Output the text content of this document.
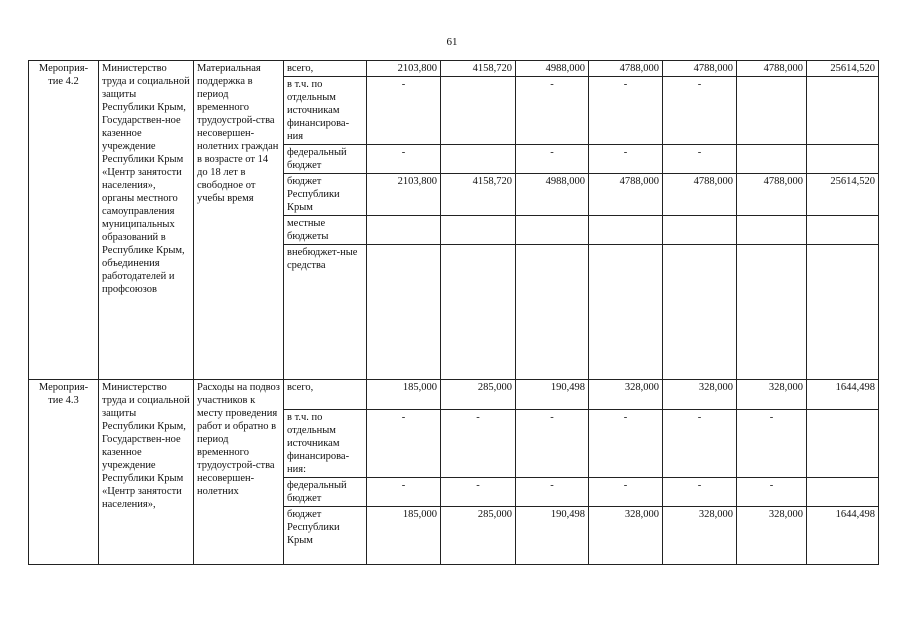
61
Мероприя-тие 4.2	Министерство труда и социальной защиты Республики Крым, Государствен-ное казенное учреждение Республики Крым «Центр занятости населения», органы местного самоуправления муниципальных образований в Республике Крым, объединения работодателей и профсоюзов	Материальная поддержка в период временного трудоустрой-ства несовершен-нолетних граждан в возрасте от 14 до 18 лет в свободное от учебы время	всего,	2103,800	4158,720	4988,000	4788,000	4788,000	4788,000	25614,520
			в т.ч. по отдельным источникам финансирова-ния	-		-	-	-		
			федеральный бюджет	-		-	-	-		
			бюджет Республики Крым	2103,800	4158,720	4988,000	4788,000	4788,000	4788,000	25614,520
			местные бюджеты							
			внебюджет-ные средства							
Мероприя-тие 4.3	Министерство труда и социальной защиты Республики Крым, Государствен-ное казенное учреждение Республики Крым «Центр занятости населения»,	Расходы на подвоз участников к месту проведения работ и обратно в период временного трудоустрой-ства несовершен-нолетних	всего,	185,000	285,000	190,498	328,000	328,000	328,000	1644,498
			в т.ч. по отдельным источникам финансирова-ния:	-	-	-	-	-	-	
			федеральный бюджет	-	-	-	-	-	-	
			бюджет Республики Крым	185,000	285,000	190,498	328,000	328,000	328,000	1644,498
